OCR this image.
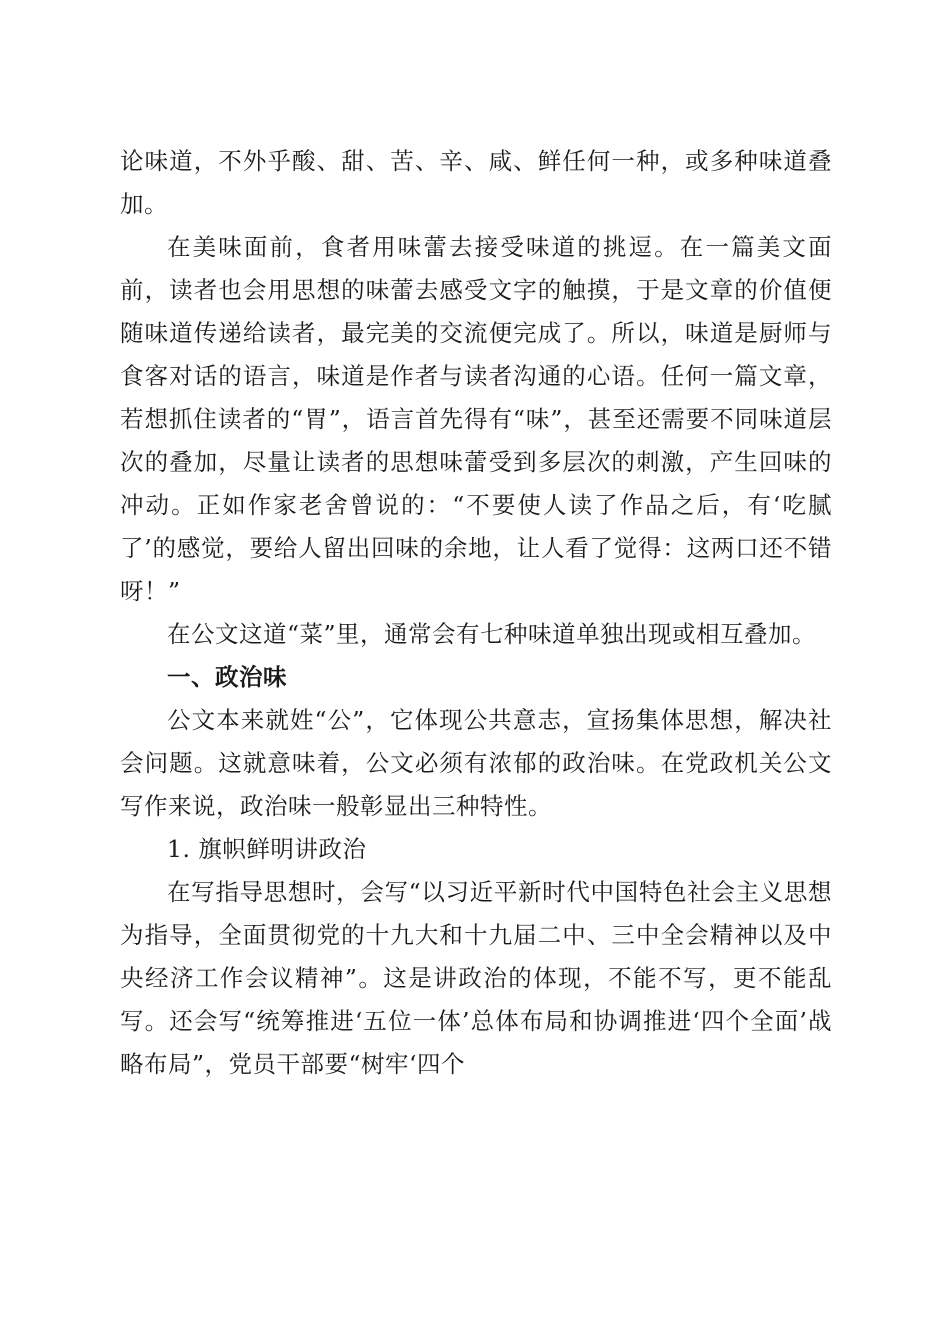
论味道，不外乎酸、甜、苦、辛、咸、鲜任何一种，或多种味道叠加。

在美味面前，食者用味蕾去接受味道的挑逗。在一篇美文面前，读者也会用思想的味蕾去感受文字的触摸，于是文章的价值便随味道传递给读者，最完美的交流便完成了。所以，味道是厨师与食客对话的语言，味道是作者与读者沟通的心语。任何一篇文章，若想抓住读者的“胃”，语言首先得有“味”，甚至还需要不同味道层次的叠加，尽量让读者的思想味蕾受到多层次的刺激，产生回味的冲动。正如作家老舍曾说的：“不要使人读了作品之后，有‘吃腻了’的感觉，要给人留出回味的余地，让人看了觉得：这两口还不错呀！”

在公文这道“菜”里，通常会有七种味道单独出现或相互叠加。

一、政治味

公文本来就姓“公”，它体现公共意志，宣扬集体思想，解决社会问题。这就意味着，公文必须有浓郁的政治味。在党政机关公文写作来说，政治味一般彰显出三种特性。

1. 旗帜鲜明讲政治

在写指导思想时，会写“以习近平新时代中国特色社会主义思想为指导，全面贯彻党的十九大和十九届二中、三中全会精神以及中央经济工作会议精神”。这是讲政治的体现，不能不写，更不能乱写。还会写“统筹推进‘五位一体’总体布局和协调推进‘四个全面’战略布局”，党员干部要“树牢‘四个
